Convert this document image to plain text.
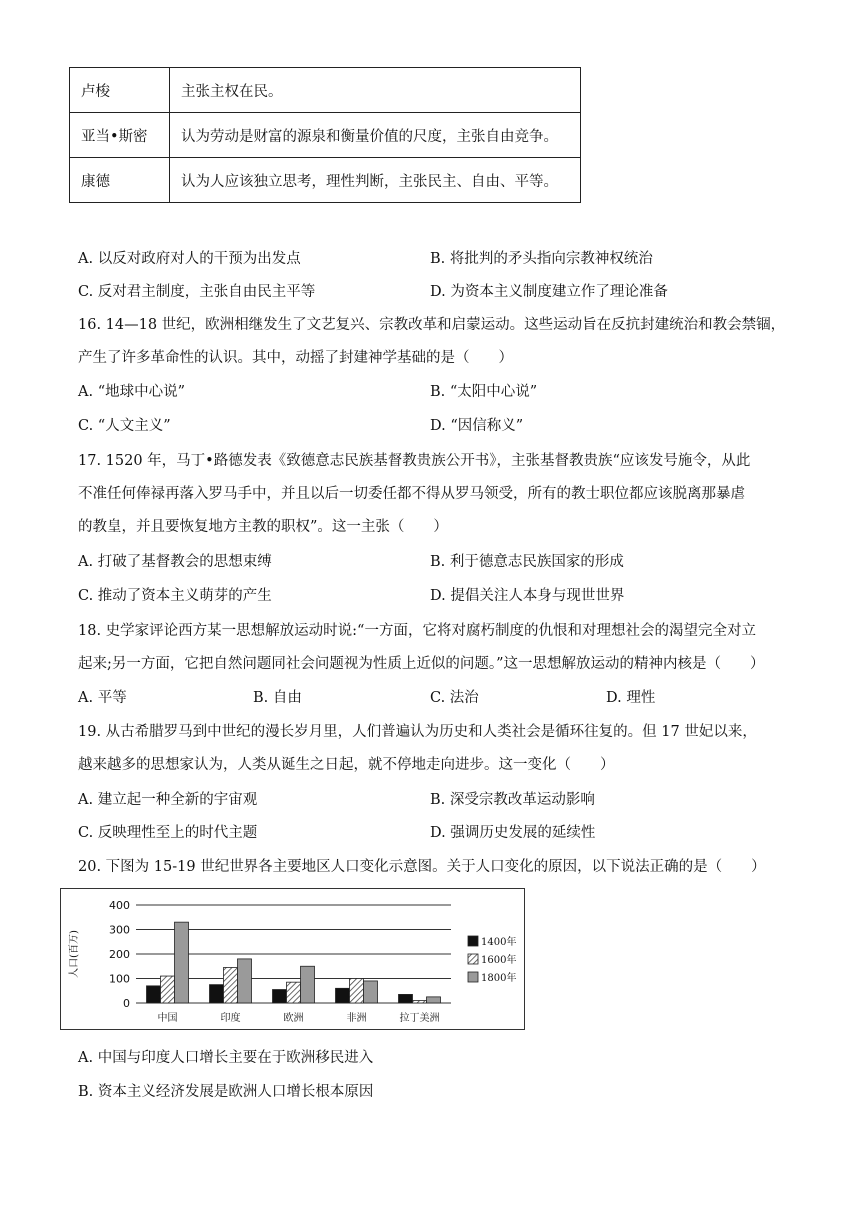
卢梭	主张主权在民。
亚当•斯密	认为劳动是财富的源泉和衡量价值的尺度，主张自由竞争。
康德	认为人应该独立思考，理性判断，主张民主、自由、平等。
A. 以反对政府对人的干预为出发点	B. 将批判的矛头指向宗教神权统治
C. 反对君主制度，主张自由民主平等	D. 为资本主义制度建立作了理论准备
16. 14—18 世纪，欧洲相继发生了文艺复兴、宗教改革和启蒙运动。这些运动旨在反抗封建统治和教会禁锢，
产生了许多革命性的认识。其中，动摇了封建神学基础的是（　　）
A. “地球中心说”	B. “太阳中心说”
C. “人文主义”	D. “因信称义”
17. 1520 年，马丁•路德发表《致德意志民族基督教贵族公开书》，主张基督教贵族“应该发号施令，从此
不准任何俸禄再落入罗马手中，并且以后一切委任都不得从罗马领受，所有的教士职位都应该脱离那暴虐
的教皇，并且要恢复地方主教的职权”。这一主张（　　）
A. 打破了基督教会的思想束缚	B. 利于德意志民族国家的形成
C. 推动了资本主义萌芽的产生	D. 提倡关注人本身与现世世界
18. 史学家评论西方某一思想解放运动时说:“一方面，它将对腐朽制度的仇恨和对理想社会的渴望完全对立
起来;另一方面，它把自然问题同社会问题视为性质上近似的问题。”这一思想解放运动的精神内核是（　　）
A. 平等	B. 自由	C. 法治	D. 理性
19. 从古希腊罗马到中世纪的漫长岁月里，人们普遍认为历史和人类社会是循环往复的。但 17 世妃以来，
越来越多的思想家认为，人类从诞生之日起，就不停地走向进步。这一变化（　　）
A. 建立起一种全新的宇宙观	B. 深受宗教改革运动影响
C. 反映理性至上的时代主题	D. 强调历史发展的延续性
20. 下图为 15-19 世纪世界各主要地区人口变化示意图。关于人口变化的原因，以下说法正确的是（　　）
0
100
200
300
400
人口(百万)
中国	印度	欧洲	非洲	拉丁美洲
1400年
1600年
1800年
A. 中国与印度人口增长主要在于欧洲移民进入
B. 资本主义经济发展是欧洲人口增长根本原因
